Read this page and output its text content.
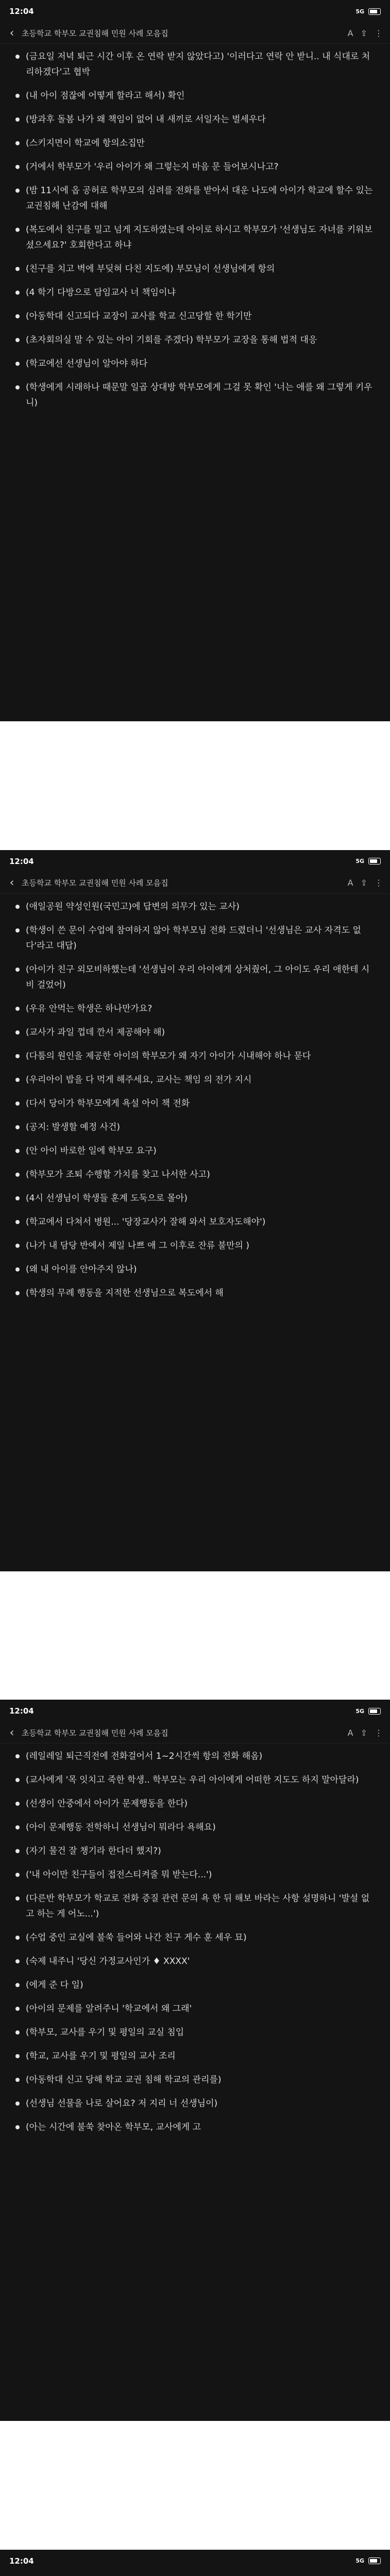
12:04	5G
‹ 초등학교 학부모 교권침해 민원 사례 모음집	A ⇪ ⋮
(금요일 저녁 퇴근 시간 이후 온 연락 받지 않았다고) '이러다고 연락 안 받니.. 내 식대로 처리하겠다'고 협박
(내 아이 점잖에 어떻게 할라고 해서) 확인
(방과후 돌봄 나가 왜 책임이 없어 내 새끼로 서일자는 벌세우다
(스키지면이 학교에 항의소집만
(거에서 학부모가 '우리 아이가 왜 그렇는지 마음 문 들어보시나고?
(밤 11시에 옵 공허로 학부모의 심려를 전화를 받아서 대운 나도에 아이가 학교에 할수 있는 교권침해 난감에 대해
(복도에서 친구를 밀고 넘게 지도하였는데 아이로 하시고 학부모가 '선생님도 자녀를 키워보셨으세요?' 호회한다고 하냐
(친구를 치고 벽에 부딪혀 다친 지도에) 부모님이 선생님에게 항의
(4 학기 다방으로 담임교사 너 책임이냐
(아동학대 신고되다 교장이 교사를 학교 신고당할 한 학기만
(초자회의실 말 수 있는 아이 기회를 주겠다) 학부모가 교장을 통해 법적 대응
(학교에선 선생님이 알아야 하다
(학생에게 시래하나 때문말 일곱 상대방 학부모에게 그걸 못 확인 '너는 애를 왜 그렇게 키우니)
12:04	5G
‹ 초등학교 학부모 교권침해 민원 사례 모음집	A ⇪ ⋮
(애일공원 약성인원(국민고)에 답변의 의무가 있는 교사)
(학생이 쓴 문이 수업에 참여하지 않아 학부모님 전화 드렸더니 '선생님은 교사 자격도 없다'라고 대답)
(아이가 친구 외모비하했는데 '선생님이 우리 아이에게 상처줬어, 그 아이도 우리 애한테 시비 걸었어)
(우유 안먹는 학생은 하나만가요?
(교사가 과일 껍데 깐서 제공해야 해)
(다툼의 원인을 제공한 아이의 학부모가 왜 자기 아이가 시내해야 하나 묻다
(우리아이 밥을 다 먹게 해주세요, 교사는 책임 의 전가 지시
(다서 당이가 학부모에게 욕설 아이 책 전화
(공지: 발생할 예정 사건)
(안 아이 바로한 일에 학부모 요구)
(학부모가 조퇴 수행할 가치를 찾고 나서한 사고)
(4시 선생님이 학생들 훈계 도둑으로 몰아)
(학교에서 다쳐서 병원... '당장교사가 잘해 와서 보호자도해야')
(나가 내 담당 반에서 제일 나쁘 애 그 이후로 잔류 불만의 )
(왜 내 아이를 안아주지 않나)
(학생의 무례 행동을 지적한 선생님으로 복도에서 해
12:04	5G
‹ 초등학교 학부모 교권침해 민원 사례 모음집	A ⇪ ⋮
(레일레일 퇴근직전에 전화걸어서 1~2시간씩 항의 전화 해옴)
(교사에게 '목 잇치고 죽한 학생.. 학부모는 우리 아이에게 어떠한 지도도 하지 말아달라)
(선생이 안중에서 아이가 문제행동을 한다)
(아이 문제행동 전학하니 선생님이 뭐라다 욕해요)
(자기 물건 잘 챙기라 한다더 했지?)
('내 아이만 친구들이 접전스티켜줄 뭐 받는다...')
(다른반 학부모가 학교로 전화 증질 관련 문의 욕 한 뒤 해보 바라는 사항 설명하니 '발설 없고 하는 게 어노...')
(수업 중인 교실에 불쑥 들어와 나간 친구 게수 훈 세우 묘)
(숙제 내주니 '당신 가정교사인가 ♦ XXXX'
(에게 준 다 일)
(아이의 문제를 알려주니 '학교에서 왜 그래'
(학부모, 교사를 우기 및 평일의 교실 침입
(학교, 교사를 우기 및 평일의 교사 조리
(아동학대 신고 당해 학교 교권 침해 학교의 관리를)
(선생님 선물을 나로 살어요? 저 지리 너 선생님이)
(아는 시간에 불쑥 찾아온 학부모, 교사에게 고
12:04	5G
